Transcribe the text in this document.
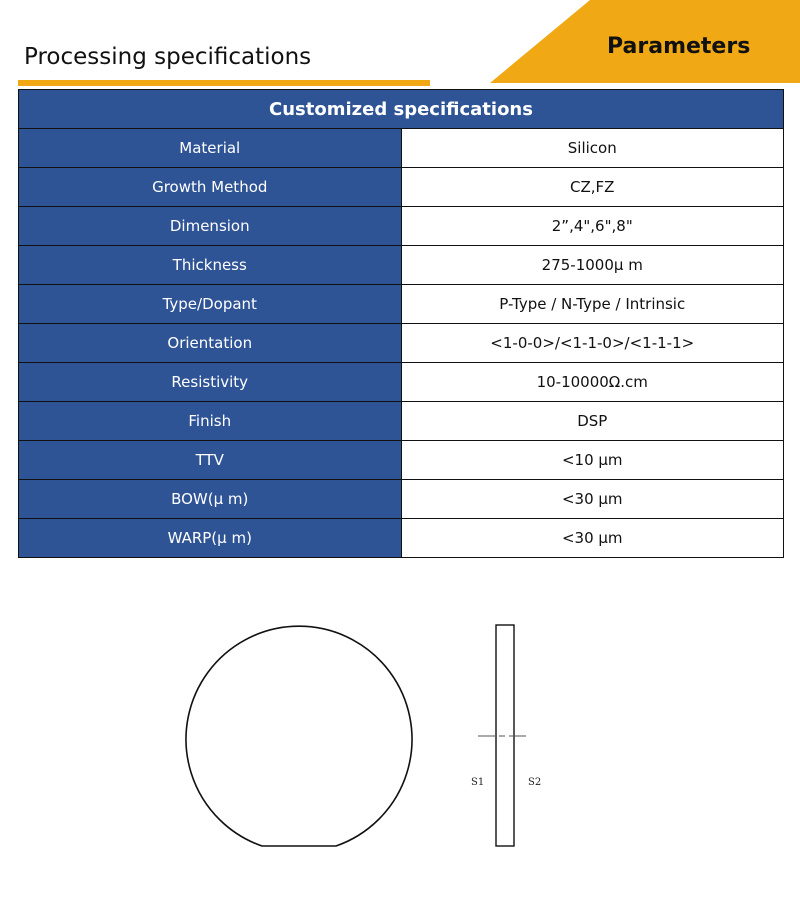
Processing specifications	Parameters
Customized specifications	
Material	Silicon
Growth Method	CZ,FZ
Dimension	2”,4",6",8"
Thickness	275-1000μ m
Type/Dopant	P-Type / N-Type / Intrinsic
Orientation	<1-0-0>/<1-1-0>/<1-1-1>
Resistivity	10-10000Ω.cm
Finish	DSP
TTV	<10 μm
BOW(μ m)	<30 μm
WARP(μ m)	<30 μm
S1	S2
